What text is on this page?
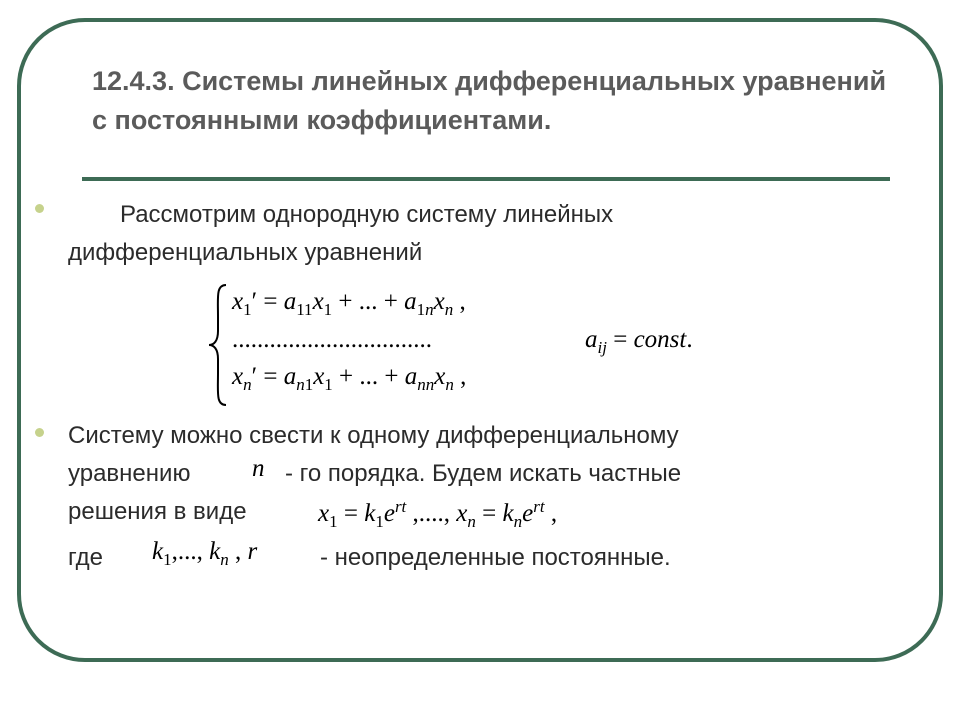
12.4.3. Системы линейных дифференциальных уравнений с постоянными коэффициентами.
Рассмотрим однородную систему линейных
дифференциальных уравнений
$x_1' = a_{11}x_1$ + ... + $a_{1n}x_n$ ,
................................
$x_n' = a_{n1}x_1$ + ... + $a_{nn}x_n$ ,
$a_{ij}$ = const.
Систему можно свести к одному дифференциальному
уравнению n - го порядка. Будем искать частные
решения в виде	$x_1 = k_1e^{rt}$ ,...., $x_n = k_ne^{rt}$ ,
где $k_1$,..., $k_n$ , r	- неопределенные постоянные.
